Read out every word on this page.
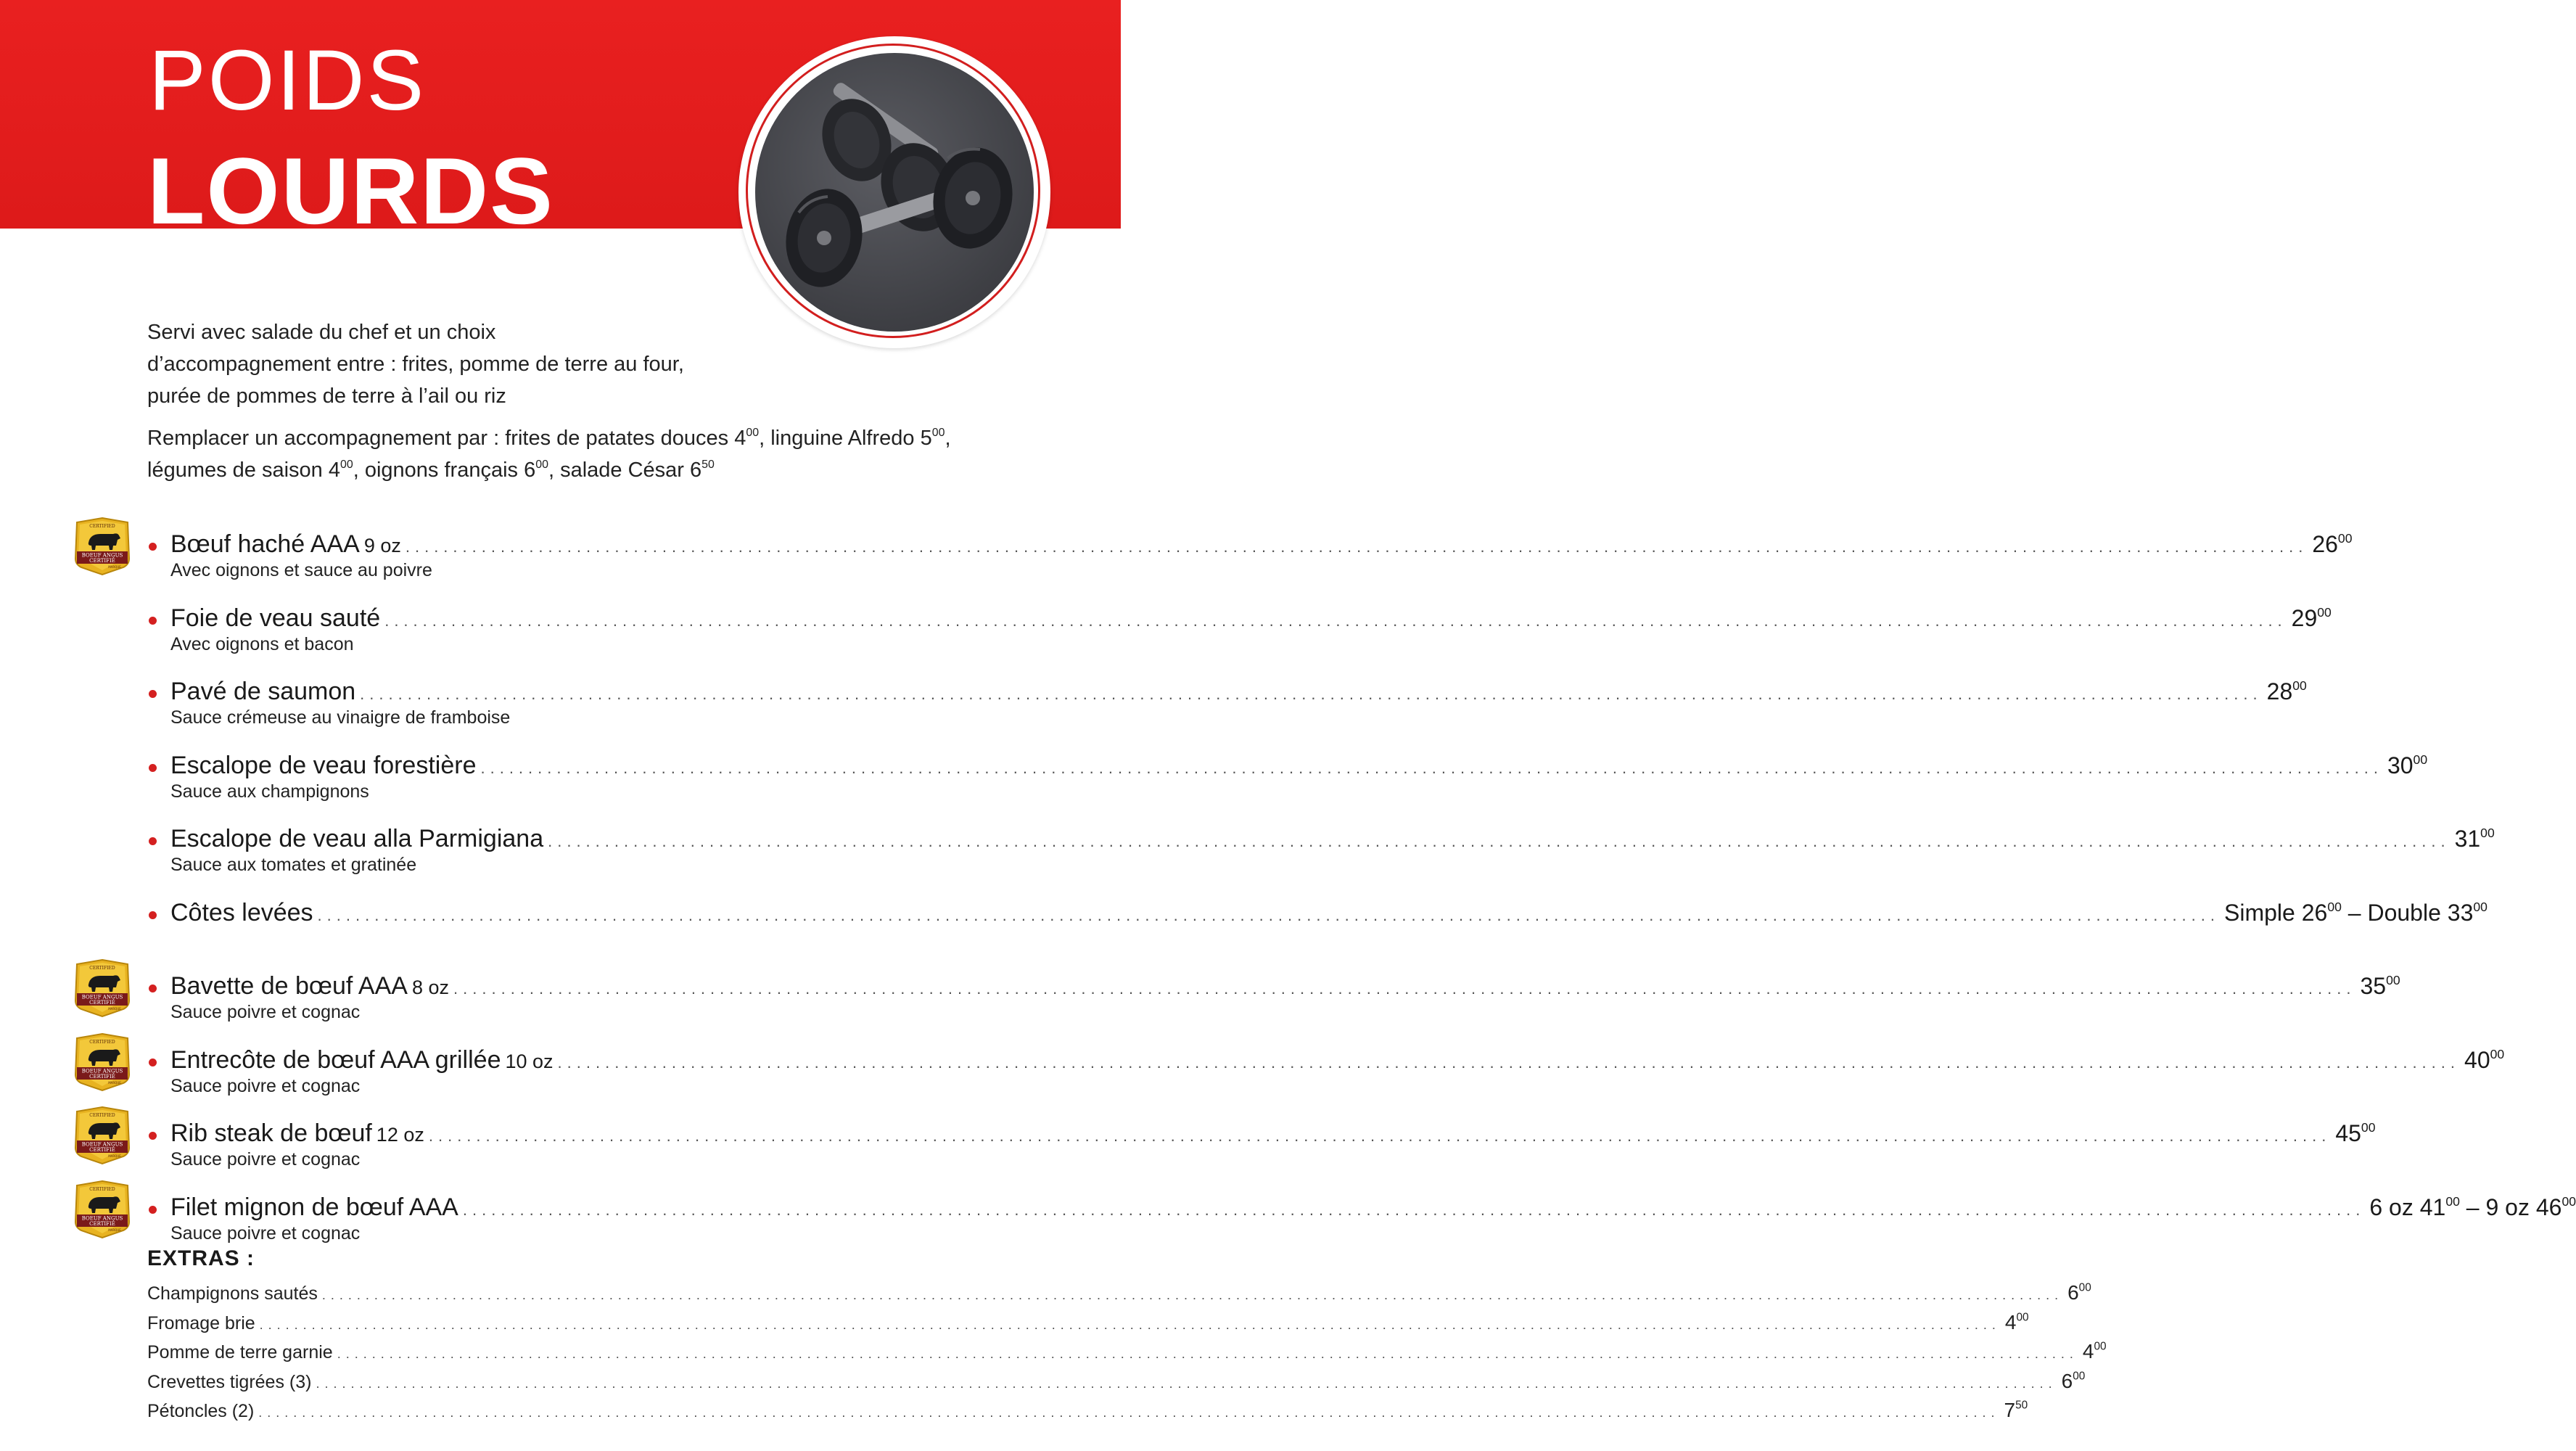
POIDS
LOURDS

Servi avec salade du chef et un choix

d’accompagnement entre : frites, pomme de terre au four,

purée de pommes de terre à l’ail ou riz

Remplacer un accompagnement par : frites de patates douces $4^{00}$, linguine Alfredo $5^{00}$,
légumes de saison $4^{00}$, oignons français $6^{00}$, salade César $6^{50}$

CERTIFIED
BOEUF ANGUS
CERTIFIÉ
MARQUE
Bœuf haché AAA 9 oz ........................................................................................................................................................................................................ $26^{00}$
Avec oignons et sauce au poivre
Foie de veau sauté ........................................................................................................................................................................................................ $29^{00}$
Avec oignons et bacon
Pavé de saumon ........................................................................................................................................................................................................ $28^{00}$
Sauce crémeuse au vinaigre de framboise
Escalope de veau forestière ........................................................................................................................................................................................................ $30^{00}$
Sauce aux champignons
Escalope de veau alla Parmigiana ........................................................................................................................................................................................................ $31^{00}$
Sauce aux tomates et gratinée
Côtes levées ........................................................................................................................................................................................................ Simple $26^{00}$ – Double $33^{00}$
CERTIFIED
BOEUF ANGUS
CERTIFIÉ
MARQUE
Bavette de bœuf AAA 8 oz ........................................................................................................................................................................................................ $35^{00}$
Sauce poivre et cognac
CERTIFIED
BOEUF ANGUS
CERTIFIÉ
MARQUE
Entrecôte de bœuf AAA grillée 10 oz ........................................................................................................................................................................................................ $40^{00}$
Sauce poivre et cognac
CERTIFIED
BOEUF ANGUS
CERTIFIÉ
MARQUE
Rib steak de bœuf 12 oz ........................................................................................................................................................................................................ $45^{00}$
Sauce poivre et cognac
CERTIFIED
BOEUF ANGUS
CERTIFIÉ
MARQUE
Filet mignon de bœuf AAA ........................................................................................................................................................................................................ 6 oz $41^{00} - 9$ oz $46^{00}$
Sauce poivre et cognac
EXTRAS :
Champignons sautés ........................................................................................................................................................................................................ $6^{00}$
Fromage brie ........................................................................................................................................................................................................ $4^{00}$
Pomme de terre garnie ........................................................................................................................................................................................................ $4^{00}$
Crevettes tigrées (3) ........................................................................................................................................................................................................ $6^{00}$
Pétoncles (2) ........................................................................................................................................................................................................ $7^{50}$
